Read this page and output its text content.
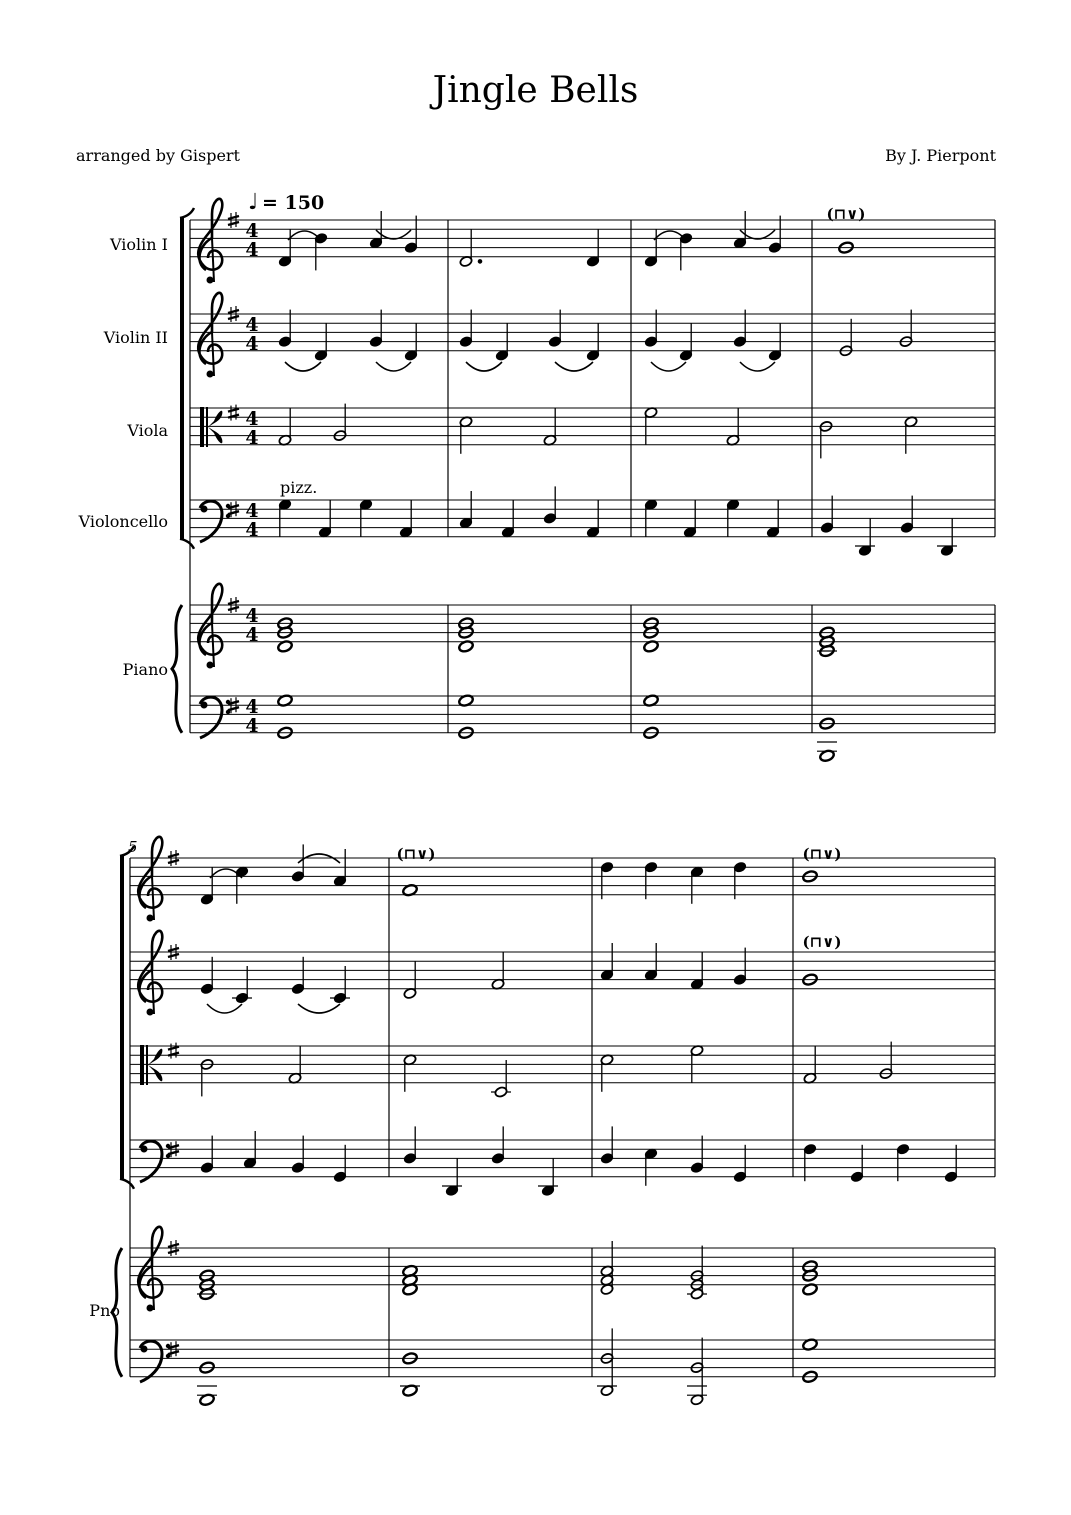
Jingle Bells
arranged by Gispert	By J. Pierpont
4
4
4
4
4
4
4
4
4
4
4
4
Violin I
Violin II
Viola
Violoncello
Piano
♩ = 150	(⊓∨)
pizz.
Pno
5	(⊓∨)	(⊓∨)
(⊓∨)
